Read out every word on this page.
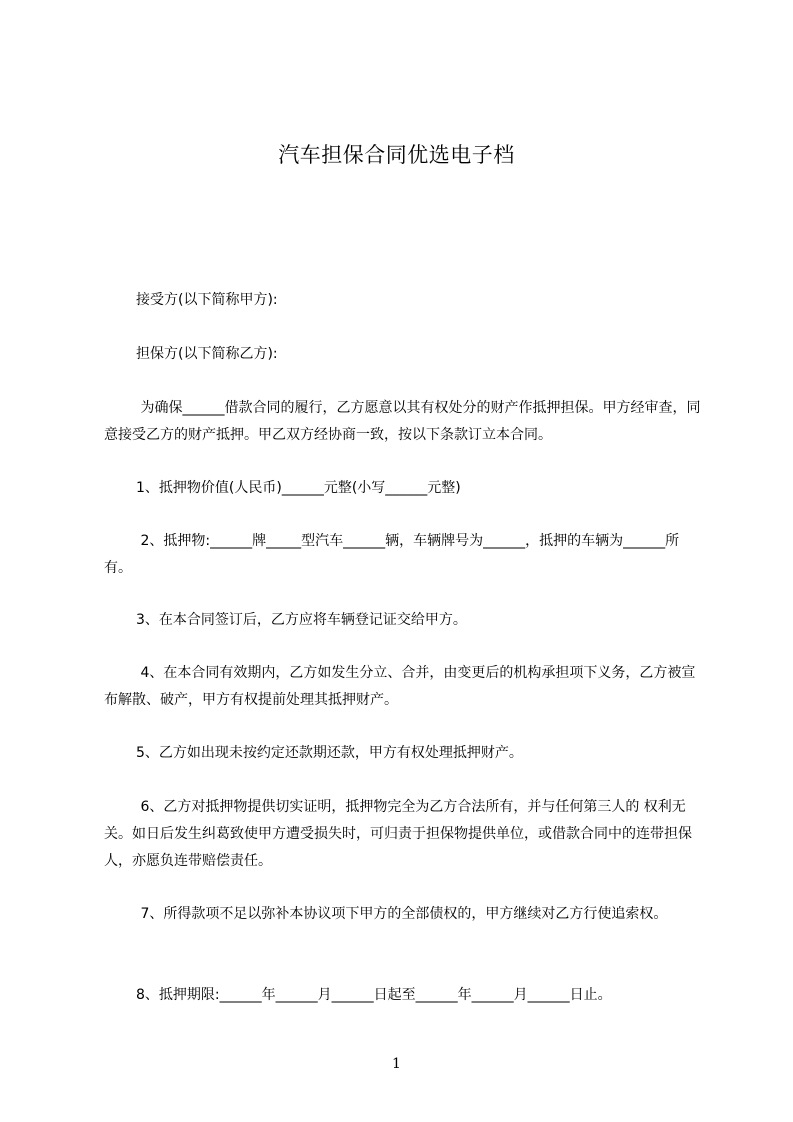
汽车担保合同优选电子档
接受方(以下简称甲方):
担保方(以下简称乙方):
为确保______借款合同的履行，乙方愿意以其有权处分的财产作抵押担保。甲方经审查，同意接受乙方的财产抵押。甲乙双方经协商一致，按以下条款订立本合同。
1、抵押物价值(人民币)______元整(小写______元整)
2、抵押物:______牌_____型汽车______辆，车辆牌号为______，抵押的车辆为______所有。
3、在本合同签订后，乙方应将车辆登记证交给甲方。
4、在本合同有效期内，乙方如发生分立、合并，由变更后的机构承担项下义务，乙方被宣布解散、破产，甲方有权提前处理其抵押财产。
5、乙方如出现未按约定还款期还款，甲方有权处理抵押财产。
6、乙方对抵押物提供切实证明，抵押物完全为乙方合法所有，并与任何第三人的 权利无关。如日后发生纠葛致使甲方遭受损失时，可归责于担保物提供单位，或借款合同中的连带担保人，亦愿负连带赔偿责任。
7、所得款项不足以弥补本协议项下甲方的全部债权的，甲方继续对乙方行使追索权。
8、抵押期限:______年______月______日起至______年______月______日止。
1
